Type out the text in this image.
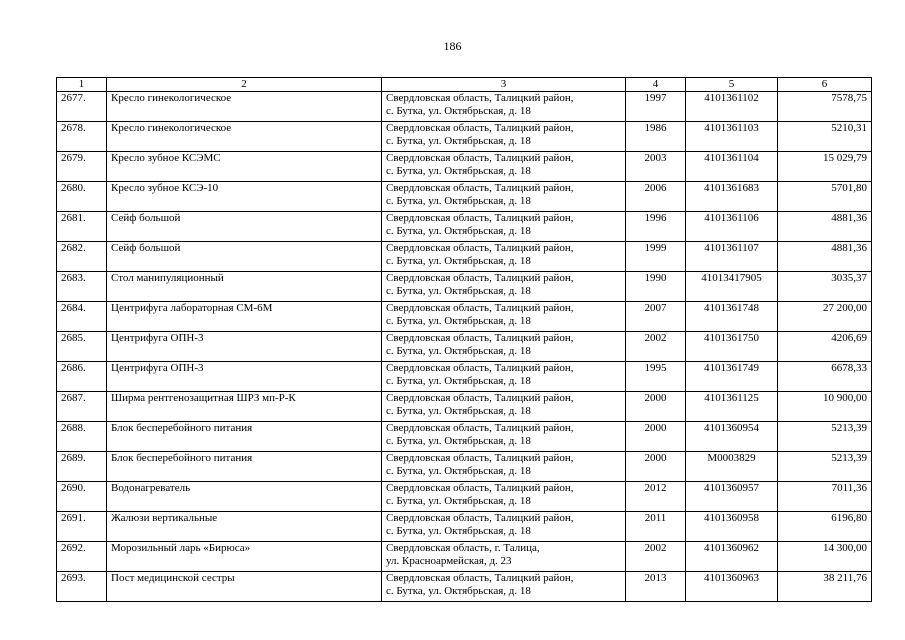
186
1	2	3	4	5	6
2677.	Кресло гинекологическое	Свердловская область, Талицкий район,
с. Бутка, ул. Октябрьская, д. 18	1997	4101361102	7578,75
2678.	Кресло гинекологическое	Свердловская область, Талицкий район,
с. Бутка, ул. Октябрьская, д. 18	1986	4101361103	5210,31
2679.	Кресло зубное КСЭМС	Свердловская область, Талицкий район,
с. Бутка, ул. Октябрьская, д. 18	2003	4101361104	15 029,79
2680.	Кресло зубное КСЭ-10	Свердловская область, Талицкий район,
с. Бутка, ул. Октябрьская, д. 18	2006	4101361683	5701,80
2681.	Сейф большой	Свердловская область, Талицкий район,
с. Бутка, ул. Октябрьская, д. 18	1996	4101361106	4881,36
2682.	Сейф большой	Свердловская область, Талицкий район,
с. Бутка, ул. Октябрьская, д. 18	1999	4101361107	4881,36
2683.	Стол манипуляционный	Свердловская область, Талицкий район,
с. Бутка, ул. Октябрьская, д. 18	1990	41013417905	3035,37
2684.	Центрифуга лабораторная СМ-6М	Свердловская область, Талицкий район,
с. Бутка, ул. Октябрьская, д. 18	2007	4101361748	27 200,00
2685.	Центрифуга ОПН-3	Свердловская область, Талицкий район,
с. Бутка, ул. Октябрьская, д. 18	2002	4101361750	4206,69
2686.	Центрифуга ОПН-3	Свердловская область, Талицкий район,
с. Бутка, ул. Октябрьская, д. 18	1995	4101361749	6678,33
2687.	Ширма рентгенозащитная ШРЗ мп-Р-К	Свердловская область, Талицкий район,
с. Бутка, ул. Октябрьская, д. 18	2000	4101361125	10 900,00
2688.	Блок бесперебойного питания	Свердловская область, Талицкий район,
с. Бутка, ул. Октябрьская, д. 18	2000	4101360954	5213,39
2689.	Блок бесперебойного питания	Свердловская область, Талицкий район,
с. Бутка, ул. Октябрьская, д. 18	2000	М0003829	5213,39
2690.	Водонагреватель	Свердловская область, Талицкий район,
с. Бутка, ул. Октябрьская, д. 18	2012	4101360957	7011,36
2691.	Жалюзи вертикальные	Свердловская область, Талицкий район,
с. Бутка, ул. Октябрьская, д. 18	2011	4101360958	6196,80
2692.	Морозильный ларь «Бирюса»	Свердловская область, г. Талица,
ул. Красноармейская, д. 23	2002	4101360962	14 300,00
2693.	Пост медицинской сестры	Свердловская область, Талицкий район,
с. Бутка, ул. Октябрьская, д. 18	2013	4101360963	38 211,76
